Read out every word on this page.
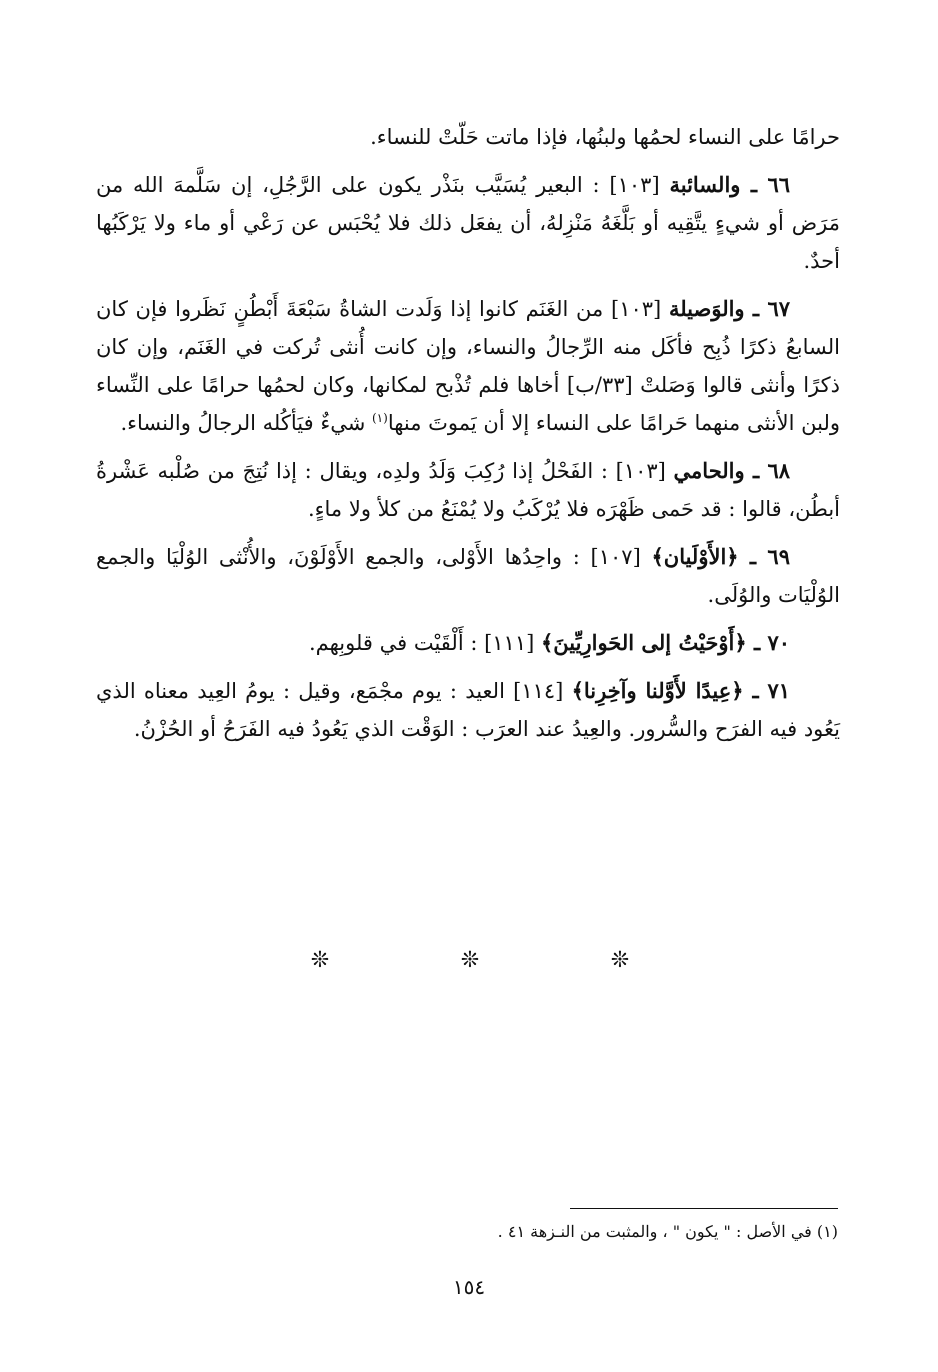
حرامًا على النساء لحمُها ولبنُها، فإذا ماتت حَلّتْ للنساء.

٦٦ ـ والسائبة [١٠٣] : البعير يُسَيَّب بنَذْر يكون على الرَّجُلِ، إن سَلَّمهَ الله من مَرَض أو شيءٍ يتَّقِيه أو بَلَّغَهُ مَنْزِلهُ، أن يفعَل ذلك فلا يُحْبَس عن رَعْي أو ماء ولا يَرْكَبُها أحدٌ.

٦٧ ـ والوَصيلة [١٠٣] من الغَنَم كانوا إذا وَلَدت الشاةُ سَبْعَةَ أَبْطُنٍ نَظَروا فإن كان السابعُ ذكرًا ذُبِح فأكَل منه الرِّجالُ والنساء، وإن كانت أُنثى تُركت في الغَنَم، وإن كان ذكرًا وأنثى قالوا وَصَلتْ [٣٣/ب] أخاها فلم تُذْبح لمكانها، وكان لحمُها حرامًا على النِّساء ولبن الأنثى منهما حَرامًا على النساء إلا أن يَموتَ منها$^{(١)}$ شيءٌ فيَأكُله الرجالُ والنساء.

٦٨ ـ والحامي [١٠٣] : الفَحْلُ إذا رُكِبَ وَلَدُ ولدِه، ويقال : إذا نُتِجَ من صُلْبه عَشْرةُ أبطُن، قالوا : قد حَمى ظَهْرَه فلا يُرْكَبُ ولا يُمْنَعُ من كلأ ولا ماءٍ.

٦٩ ـ ﴿الأَوْلَيان﴾ [١٠٧] : واحِدُها الأَوْلى، والجمع الأَوْلَوْنَ، والأُنْثى الوُلْيَا والجمع الوُلْيَات والوُلَى.

٧٠ ـ ﴿أَوْحَيْتُ إلى الحَوارِيِّينَ﴾ [١١١] : أَلْقَيْت في قلوبِهم.

٧١ ـ ﴿عِيدًا لأَوَّلنا وآخِرِنا﴾ [١١٤] العيد : يوم مجْمَع، وقيل : يومُ العِيد معناه الذي يَعُود فيه الفرَح والسُّرور. والعِيدُ عند العرَب : الوَقْت الذي يَعُودُ فيه الفَرَحُ أو الحُزْنُ.

❊	❊	❊
(١) في الأصل : " يكون " ، والمثبت من النـزهة ٤١ .
١٥٤
